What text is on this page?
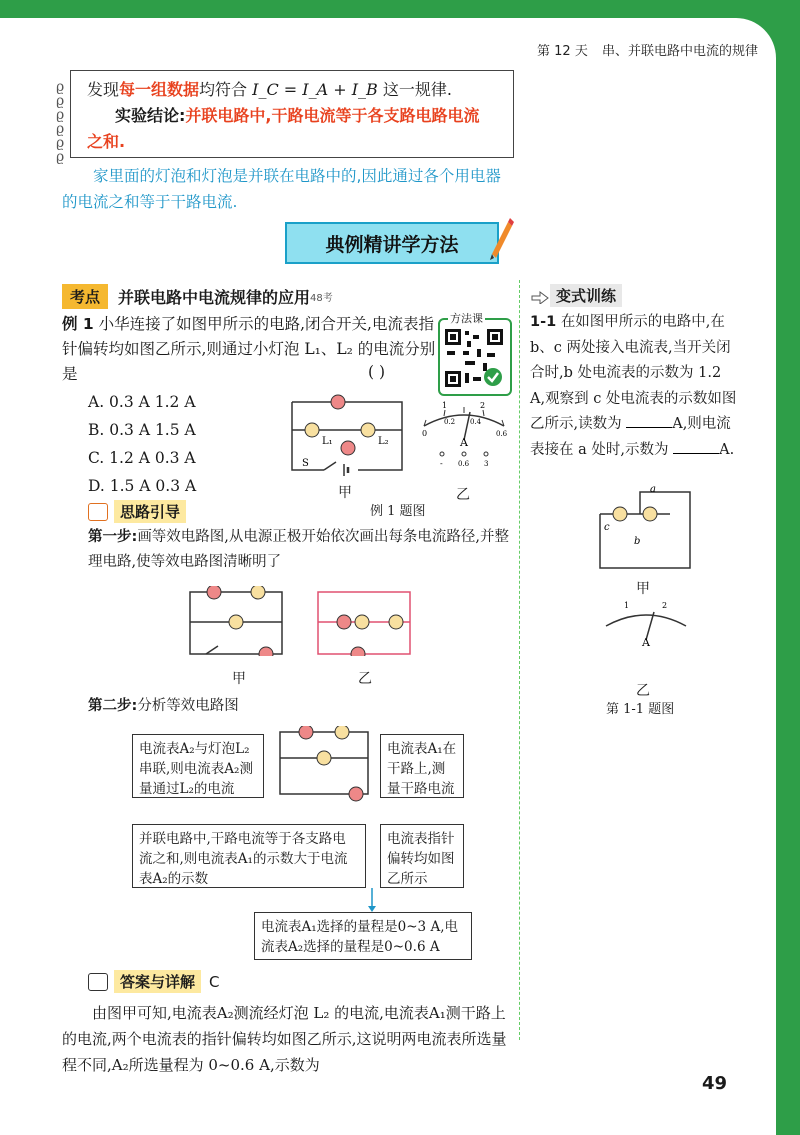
第 12 天 串、并联电路中电流的规律
ϱ
ϱ
ϱ
ϱ
ϱ
ϱ
发现每一组数据均符合 I_C = I_A + I_B 这一规律.
实验结论:并联电路中,干路电流等于各支路电路电流
之和.
家里面的灯泡和灯泡是并联在电路中的,因此通过各个用电器的电流之和等于干路电流.
典例精讲学方法
考点	并联电路中电流规律的应用 48考
例 1 小华连接了如图甲所示的电路,闭合开关,电流表指针偏转均如图乙所示,则通过小灯泡 L₁、L₂ 的电流分别是	( )
A. 0.3 A 1.2 A
B. 0.3 A 1.5 A
C. 1.2 A 0.3 A
D. 1.5 A 0.3 A
方法课
L₁	L₂
S
甲
1	2
0
0.2 0.4
0.6
A
- 0.6 3
乙
例 1 题图
思路引导
第一步:画等效电路图,从电源正极开始依次画出每条电流路径,并整理电路,使等效电路图清晰明了
甲	乙
第二步:分析等效电路图
电流表A₂与灯泡L₂串联,则电流表A₂测量通过L₂的电流
电流表A₁在干路上,测量干路电流
并联电路中,干路电流等于各支路电流之和,则电流表A₁的示数大于电流表A₂的示数
电流表指针偏转均如图乙所示
电流表A₁选择的量程是0~3 A,电流表A₂选择的量程是0~0.6 A
答案与详解 C

由图甲可知,电流表A₂测流经灯泡 L₂ 的电流,电流表A₁测干路上的电流,两个电流表的指针偏转均如图乙所示,这说明两电流表所选量程不同,A₂所选量程为 0~0.6 A,示数为

变式训练
1-1 在如图甲所示的电路中,在 b、c 两处接入电流表,当开关闭合时,b 处电流表的示数为 1.2 A,观察到 c 处电流表的示数如图乙所示,读数为	A,则电流表接在 a 处时,示数为	A.
a
c
b
甲
A
1	2
乙
第 1-1 题图
49
